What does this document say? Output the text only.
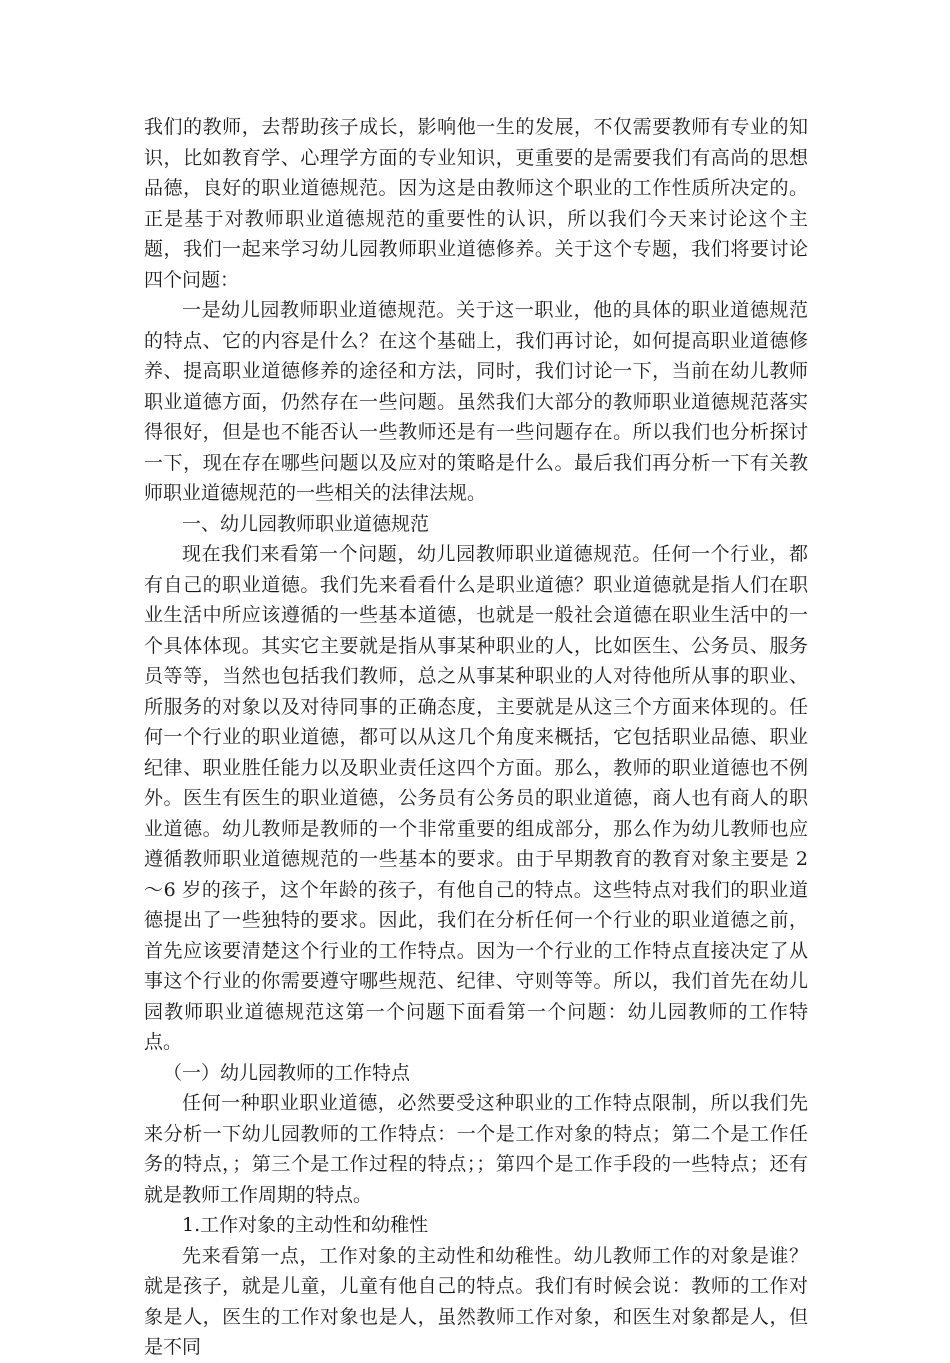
我们的教师，去帮助孩子成长，影响他一生的发展，不仅需要教师有专业的知识，比如教育学、心理学方面的专业知识，更重要的是需要我们有高尚的思想品德，良好的职业道德规范。因为这是由教师这个职业的工作性质所决定的。正是基于对教师职业道德规范的重要性的认识，所以我们今天来讨论这个主题，我们一起来学习幼儿园教师职业道德修养。关于这个专题，我们将要讨论四个问题：

一是幼儿园教师职业道德规范。关于这一职业，他的具体的职业道德规范的特点、它的内容是什么？在这个基础上，我们再讨论，如何提高职业道德修养、提高职业道德修养的途径和方法，同时，我们讨论一下，当前在幼儿教师职业道德方面，仍然存在一些问题。虽然我们大部分的教师职业道德规范落实得很好，但是也不能否认一些教师还是有一些问题存在。所以我们也分析探讨一下，现在存在哪些问题以及应对的策略是什么。最后我们再分析一下有关教师职业道德规范的一些相关的法律法规。

一、幼儿园教师职业道德规范

现在我们来看第一个问题，幼儿园教师职业道德规范。任何一个行业，都有自己的职业道德。我们先来看看什么是职业道德？职业道德就是指人们在职业生活中所应该遵循的一些基本道德，也就是一般社会道德在职业生活中的一个具体体现。其实它主要就是指从事某种职业的人，比如医生、公务员、服务员等等，当然也包括我们教师，总之从事某种职业的人对待他所从事的职业、所服务的对象以及对待同事的正确态度，主要就是从这三个方面来体现的。任何一个行业的职业道德，都可以从这几个角度来概括，它包括职业品德、职业纪律、职业胜任能力以及职业责任这四个方面。那么，教师的职业道德也不例外。医生有医生的职业道德，公务员有公务员的职业道德，商人也有商人的职业道德。幼儿教师是教师的一个非常重要的组成部分，那么作为幼儿教师也应遵循教师职业道德规范的一些基本的要求。由于早期教育的教育对象主要是 2～6 岁的孩子，这个年龄的孩子，有他自己的特点。这些特点对我们的职业道德提出了一些独特的要求。因此，我们在分析任何一个行业的职业道德之前，首先应该要清楚这个行业的工作特点。因为一个行业的工作特点直接决定了从事这个行业的你需要遵守哪些规范、纪律、守则等等。所以，我们首先在幼儿园教师职业道德规范这第一个问题下面看第一个问题：幼儿园教师的工作特点。

（一）幼儿园教师的工作特点

任何一种职业职业道德，必然要受这种职业的工作特点限制，所以我们先来分析一下幼儿园教师的工作特点：一个是工作对象的特点；第二个是工作任务的特点，；第三个是工作过程的特点；；第四个是工作手段的一些特点；还有就是教师工作周期的特点。

1.工作对象的主动性和幼稚性

先来看第一点，工作对象的主动性和幼稚性。幼儿教师工作的对象是谁？就是孩子，就是儿童，儿童有他自己的特点。我们有时候会说：教师的工作对象是人，医生的工作对象也是人，虽然教师工作对象，和医生对象都是人，但是不同
